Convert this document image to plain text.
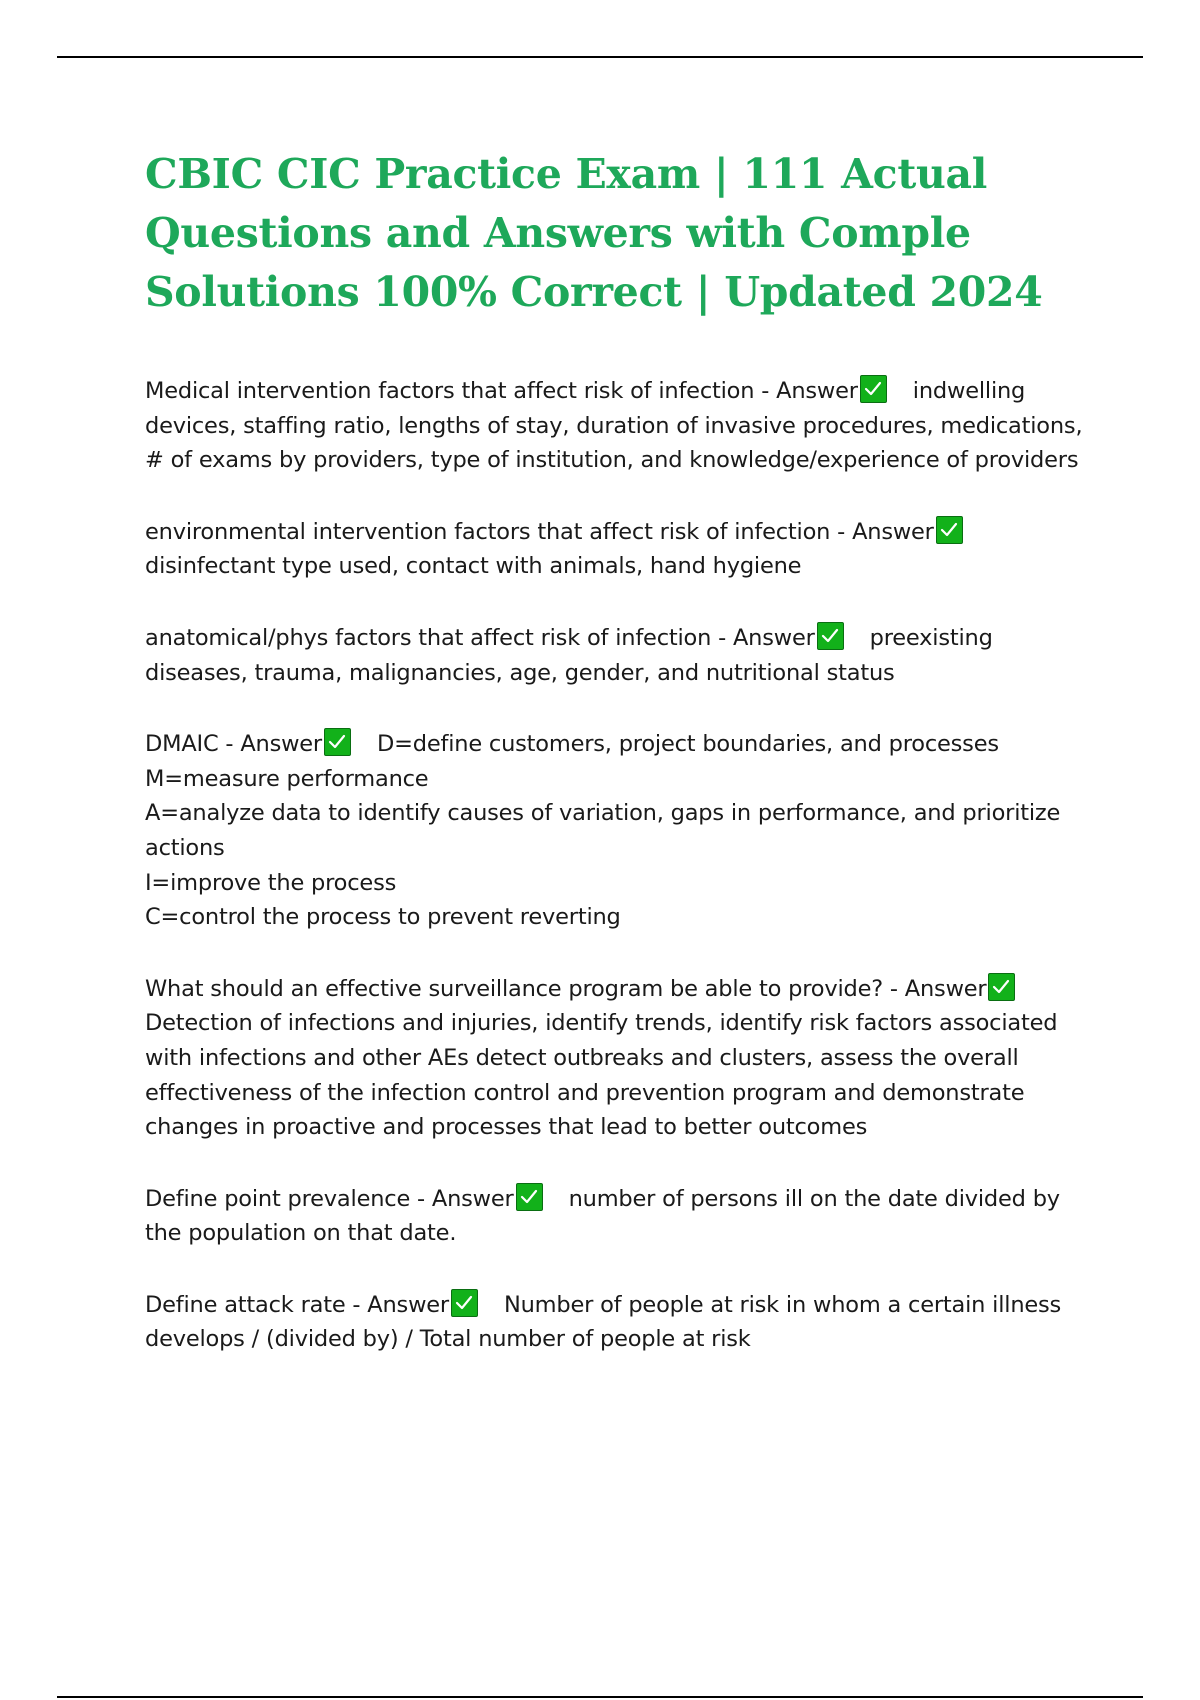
CBIC CIC Practice Exam | 111 Actual Questions and Answers with Comple Solutions 100% Correct | Updated 2024

Medical intervention factors that affect risk of infection - Answer indwelling devices, staffing ratio, lengths of stay, duration of invasive procedures, medications, # of exams by providers, type of institution, and knowledge/experience of providers

environmental intervention factors that affect risk of infection - Answer
disinfectant type used, contact with animals, hand hygiene

anatomical/phys factors that affect risk of infection - Answer preexisting diseases, trauma, malignancies, age, gender, and nutritional status

DMAIC - Answer D=define customers, project boundaries, and processes
M=measure performance
A=analyze data to identify causes of variation, gaps in performance, and prioritize actions
I=improve the process
C=control the process to prevent reverting

What should an effective surveillance program be able to provide? - Answer
Detection of infections and injuries, identify trends, identify risk factors associated with infections and other AEs detect outbreaks and clusters, assess the overall effectiveness of the infection control and prevention program and demonstrate changes in proactive and processes that lead to better outcomes

Define point prevalence - Answer number of persons ill on the date divided by the population on that date.

Define attack rate - Answer Number of people at risk in whom a certain illness develops / (divided by) / Total number of people at risk
